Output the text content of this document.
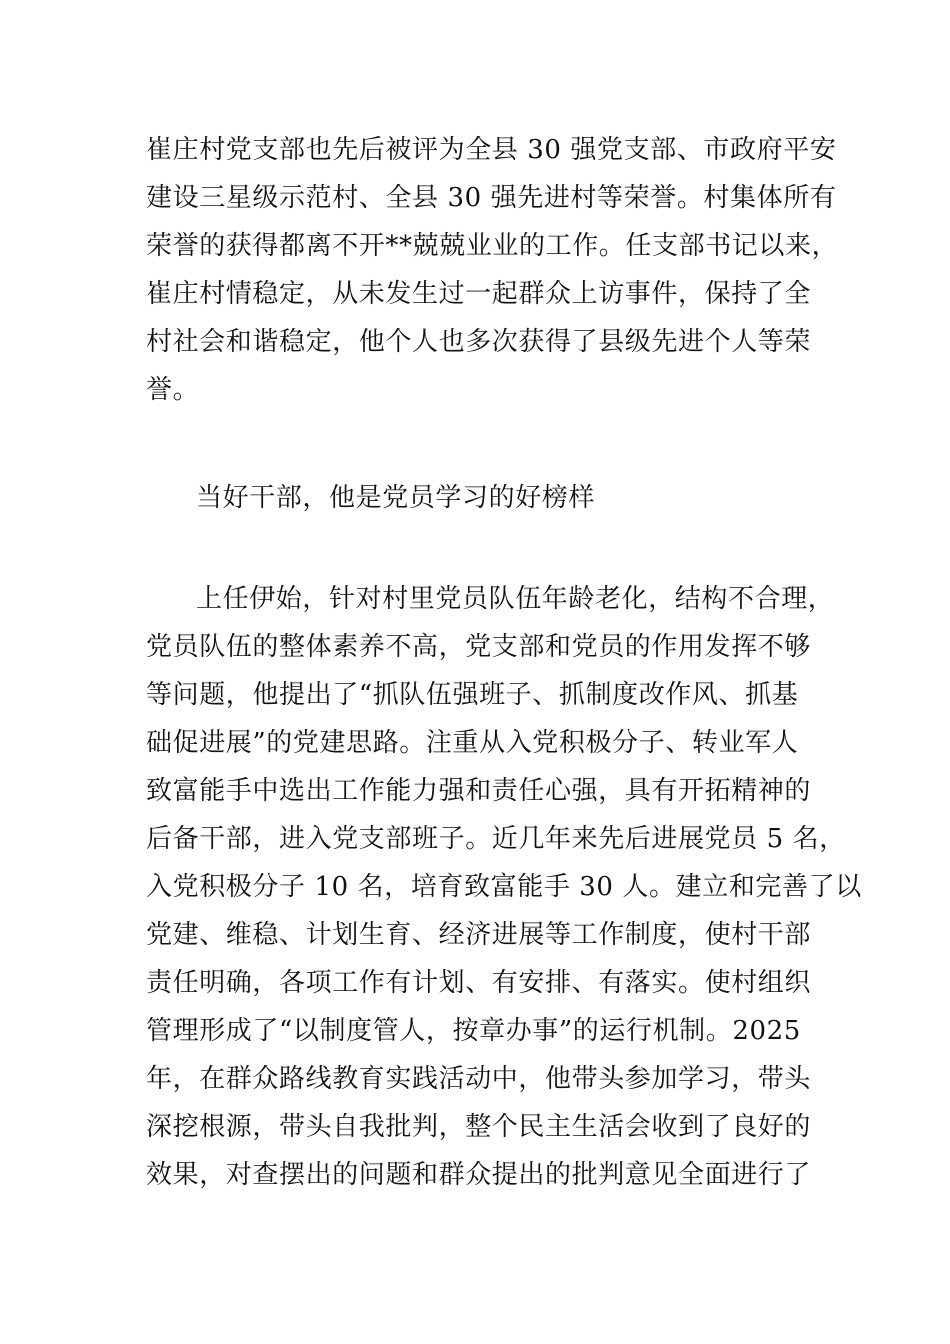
崔庄村党支部也先后被评为全县 30 强党支部、市政府平安
建设三星级示范村、全县 30 强先进村等荣誉。村集体所有
荣誉的获得都离不开**兢兢业业的工作。任支部书记以来，
崔庄村情稳定，从未发生过一起群众上访事件，保持了全
村社会和谐稳定，他个人也多次获得了县级先进个人等荣
誉。
当好干部，他是党员学习的好榜样
上任伊始，针对村里党员队伍年龄老化，结构不合理，
党员队伍的整体素养不高，党支部和党员的作用发挥不够
等问题，他提出了“抓队伍强班子、抓制度改作风、抓基
础促进展”的党建思路。注重从入党积极分子、转业军人
致富能手中选出工作能力强和责任心强，具有开拓精神的
后备干部，进入党支部班子。近几年来先后进展党员 5 名，
入党积极分子 10 名，培育致富能手 30 人。建立和完善了以
党建、维稳、计划生育、经济进展等工作制度，使村干部
责任明确，各项工作有计划、有安排、有落实。使村组织
管理形成了“以制度管人，按章办事”的运行机制。2025
年，在群众路线教育实践活动中，他带头参加学习，带头
深挖根源，带头自我批判，整个民主生活会收到了良好的
效果，对查摆出的问题和群众提出的批判意见全面进行了
